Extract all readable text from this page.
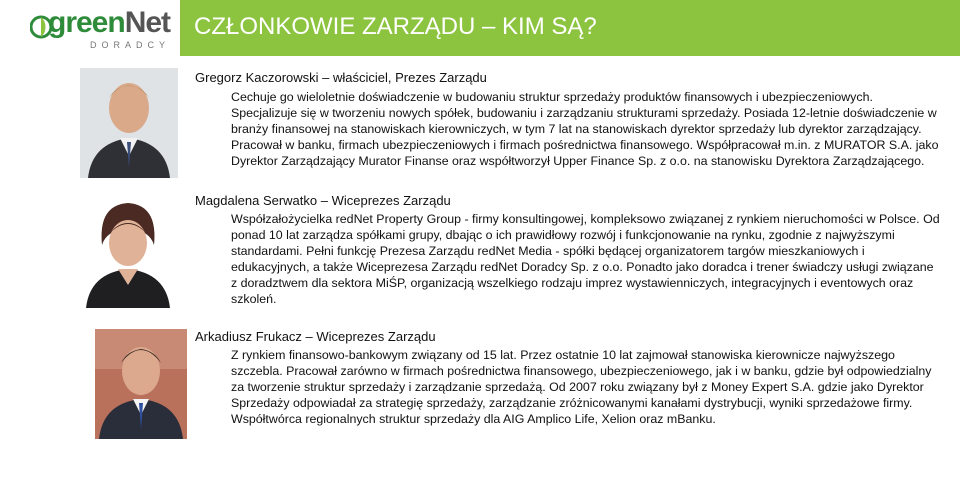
greenNet
DORADCY
CZŁONKOWIE ZARZĄDU – KIM SĄ?
Gregorz Kaczorowski – właściciel, Prezes Zarządu

Cechuje go wieloletnie doświadczenie w budowaniu struktur sprzedaży produktów finansowych i ubezpieczeniowych. Specjalizuje się w tworzeniu nowych spółek, budowaniu i zarządzaniu strukturami sprzedaży. Posiada 12-letnie doświadczenie w branży finansowej na stanowiskach kierowniczych, w tym 7 lat na stanowiskach dyrektor sprzedaży lub dyrektor zarządzający. Pracował w banku, firmach ubezpieczeniowych i firmach pośrednictwa finansowego. Współpracował m.in. z MURATOR S.A. jako Dyrektor Zarządzający Murator Finanse oraz współtworzył Upper Finance Sp. z o.o. na stanowisku Dyrektora Zarządzającego.

Magdalena Serwatko – Wiceprezes Zarządu

Współzałożycielka redNet Property Group - firmy konsultingowej, kompleksowo związanej z rynkiem nieruchomości w Polsce. Od ponad 10 lat zarządza spółkami grupy, dbając o ich prawidłowy rozwój i funkcjonowanie na rynku, zgodnie z najwyższymi standardami. Pełni funkcję Prezesa Zarządu redNet Media - spółki będącej organizatorem targów mieszkaniowych i edukacyjnych, a także Wiceprezesa Zarządu redNet Doradcy Sp. z o.o. Ponadto jako doradca i trener świadczy usługi związane z doradztwem dla sektora MiŚP, organizacją wszelkiego rodzaju imprez wystawienniczych, integracyjnych i eventowych oraz szkoleń.

Arkadiusz Frukacz – Wiceprezes Zarządu

Z rynkiem finansowo-bankowym związany od 15 lat. Przez ostatnie 10 lat zajmował stanowiska kierownicze najwyższego szczebla. Pracował zarówno w firmach pośrednictwa finansowego, ubezpieczeniowego, jak i w banku, gdzie był odpowiedzialny za tworzenie struktur sprzedaży i zarządzanie sprzedażą. Od 2007 roku związany był z Money Expert S.A. gdzie jako Dyrektor Sprzedaży odpowiadał za strategię sprzedaży, zarządzanie zróżnicowanymi kanałami dystrybucji, wyniki sprzedażowe firmy. Współtwórca regionalnych struktur sprzedaży dla AIG Amplico Life, Xelion oraz mBanku.
